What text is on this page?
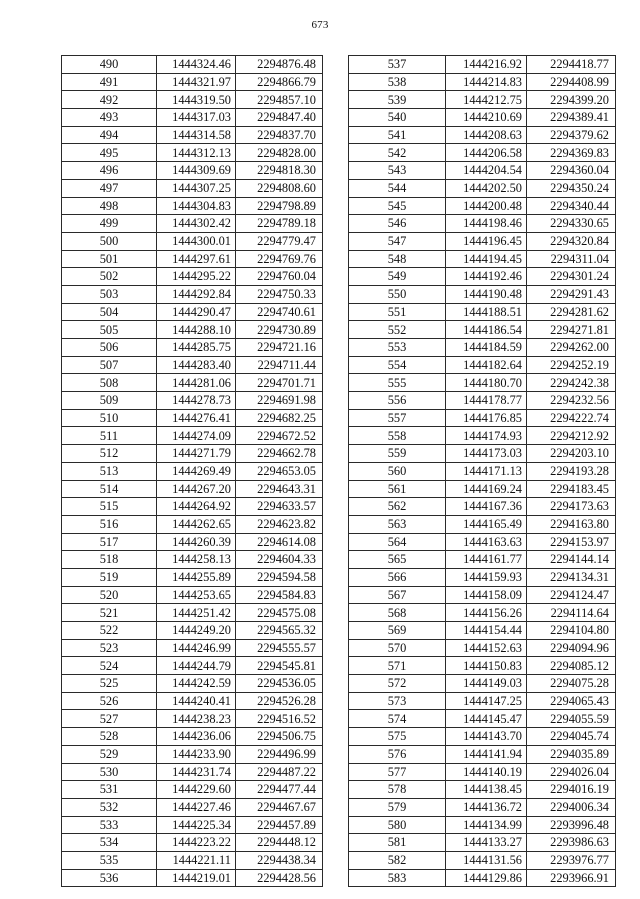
673
490	1444324.46	2294876.48
491	1444321.97	2294866.79
492	1444319.50	2294857.10
493	1444317.03	2294847.40
494	1444314.58	2294837.70
495	1444312.13	2294828.00
496	1444309.69	2294818.30
497	1444307.25	2294808.60
498	1444304.83	2294798.89
499	1444302.42	2294789.18
500	1444300.01	2294779.47
501	1444297.61	2294769.76
502	1444295.22	2294760.04
503	1444292.84	2294750.33
504	1444290.47	2294740.61
505	1444288.10	2294730.89
506	1444285.75	2294721.16
507	1444283.40	2294711.44
508	1444281.06	2294701.71
509	1444278.73	2294691.98
510	1444276.41	2294682.25
511	1444274.09	2294672.52
512	1444271.79	2294662.78
513	1444269.49	2294653.05
514	1444267.20	2294643.31
515	1444264.92	2294633.57
516	1444262.65	2294623.82
517	1444260.39	2294614.08
518	1444258.13	2294604.33
519	1444255.89	2294594.58
520	1444253.65	2294584.83
521	1444251.42	2294575.08
522	1444249.20	2294565.32
523	1444246.99	2294555.57
524	1444244.79	2294545.81
525	1444242.59	2294536.05
526	1444240.41	2294526.28
527	1444238.23	2294516.52
528	1444236.06	2294506.75
529	1444233.90	2294496.99
530	1444231.74	2294487.22
531	1444229.60	2294477.44
532	1444227.46	2294467.67
533	1444225.34	2294457.89
534	1444223.22	2294448.12
535	1444221.11	2294438.34
536	1444219.01	2294428.56
537	1444216.92	2294418.77
538	1444214.83	2294408.99
539	1444212.75	2294399.20
540	1444210.69	2294389.41
541	1444208.63	2294379.62
542	1444206.58	2294369.83
543	1444204.54	2294360.04
544	1444202.50	2294350.24
545	1444200.48	2294340.44
546	1444198.46	2294330.65
547	1444196.45	2294320.84
548	1444194.45	2294311.04
549	1444192.46	2294301.24
550	1444190.48	2294291.43
551	1444188.51	2294281.62
552	1444186.54	2294271.81
553	1444184.59	2294262.00
554	1444182.64	2294252.19
555	1444180.70	2294242.38
556	1444178.77	2294232.56
557	1444176.85	2294222.74
558	1444174.93	2294212.92
559	1444173.03	2294203.10
560	1444171.13	2294193.28
561	1444169.24	2294183.45
562	1444167.36	2294173.63
563	1444165.49	2294163.80
564	1444163.63	2294153.97
565	1444161.77	2294144.14
566	1444159.93	2294134.31
567	1444158.09	2294124.47
568	1444156.26	2294114.64
569	1444154.44	2294104.80
570	1444152.63	2294094.96
571	1444150.83	2294085.12
572	1444149.03	2294075.28
573	1444147.25	2294065.43
574	1444145.47	2294055.59
575	1444143.70	2294045.74
576	1444141.94	2294035.89
577	1444140.19	2294026.04
578	1444138.45	2294016.19
579	1444136.72	2294006.34
580	1444134.99	2293996.48
581	1444133.27	2293986.63
582	1444131.56	2293976.77
583	1444129.86	2293966.91
